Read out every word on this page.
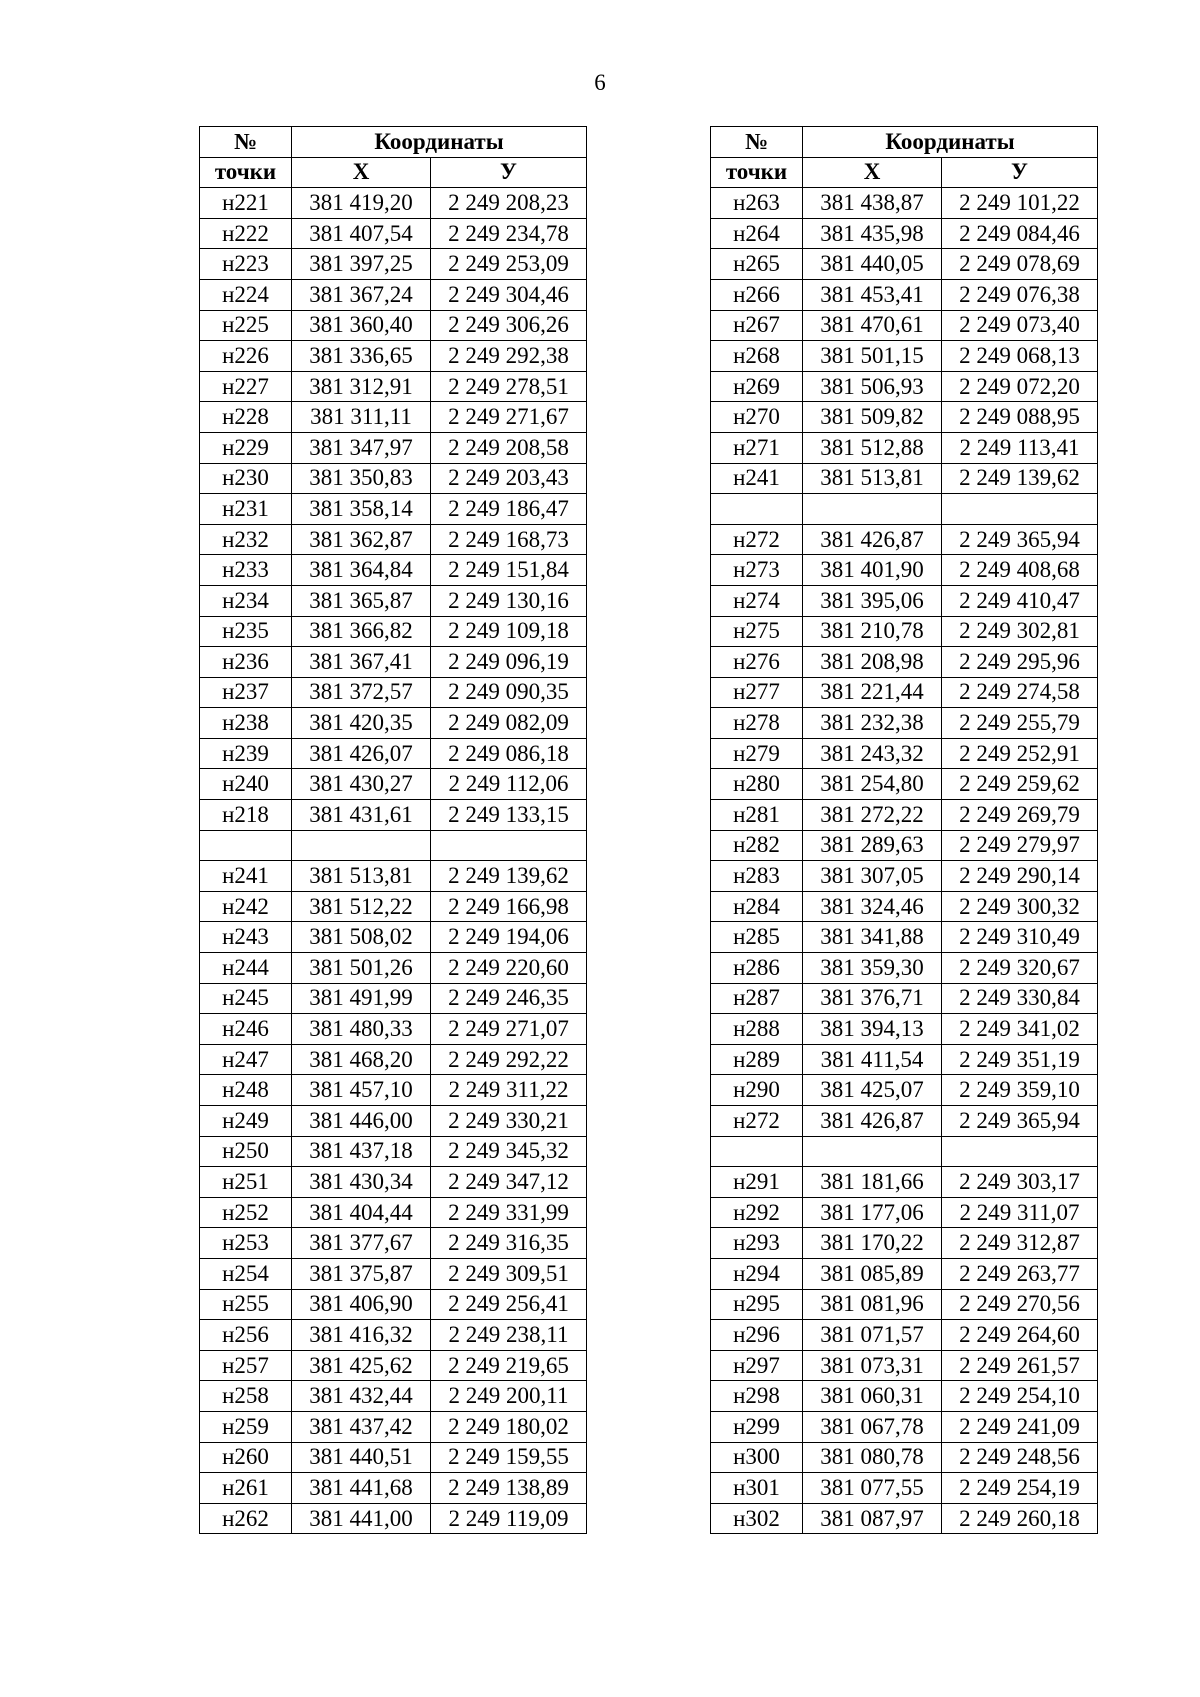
6
№	Координаты	
точки	Х	У
н221	381 419,20	2 249 208,23
н222	381 407,54	2 249 234,78
н223	381 397,25	2 249 253,09
н224	381 367,24	2 249 304,46
н225	381 360,40	2 249 306,26
н226	381 336,65	2 249 292,38
н227	381 312,91	2 249 278,51
н228	381 311,11	2 249 271,67
н229	381 347,97	2 249 208,58
н230	381 350,83	2 249 203,43
н231	381 358,14	2 249 186,47
н232	381 362,87	2 249 168,73
н233	381 364,84	2 249 151,84
н234	381 365,87	2 249 130,16
н235	381 366,82	2 249 109,18
н236	381 367,41	2 249 096,19
н237	381 372,57	2 249 090,35
н238	381 420,35	2 249 082,09
н239	381 426,07	2 249 086,18
н240	381 430,27	2 249 112,06
н218	381 431,61	2 249 133,15

н241	381 513,81	2 249 139,62
н242	381 512,22	2 249 166,98
н243	381 508,02	2 249 194,06
н244	381 501,26	2 249 220,60
н245	381 491,99	2 249 246,35
н246	381 480,33	2 249 271,07
н247	381 468,20	2 249 292,22
н248	381 457,10	2 249 311,22
н249	381 446,00	2 249 330,21
н250	381 437,18	2 249 345,32
н251	381 430,34	2 249 347,12
н252	381 404,44	2 249 331,99
н253	381 377,67	2 249 316,35
н254	381 375,87	2 249 309,51
н255	381 406,90	2 249 256,41
н256	381 416,32	2 249 238,11
н257	381 425,62	2 249 219,65
н258	381 432,44	2 249 200,11
н259	381 437,42	2 249 180,02
н260	381 440,51	2 249 159,55
н261	381 441,68	2 249 138,89
н262	381 441,00	2 249 119,09
№	Координаты	
точки	Х	У
н263	381 438,87	2 249 101,22
н264	381 435,98	2 249 084,46
н265	381 440,05	2 249 078,69
н266	381 453,41	2 249 076,38
н267	381 470,61	2 249 073,40
н268	381 501,15	2 249 068,13
н269	381 506,93	2 249 072,20
н270	381 509,82	2 249 088,95
н271	381 512,88	2 249 113,41
н241	381 513,81	2 249 139,62

н272	381 426,87	2 249 365,94
н273	381 401,90	2 249 408,68
н274	381 395,06	2 249 410,47
н275	381 210,78	2 249 302,81
н276	381 208,98	2 249 295,96
н277	381 221,44	2 249 274,58
н278	381 232,38	2 249 255,79
н279	381 243,32	2 249 252,91
н280	381 254,80	2 249 259,62
н281	381 272,22	2 249 269,79
н282	381 289,63	2 249 279,97
н283	381 307,05	2 249 290,14
н284	381 324,46	2 249 300,32
н285	381 341,88	2 249 310,49
н286	381 359,30	2 249 320,67
н287	381 376,71	2 249 330,84
н288	381 394,13	2 249 341,02
н289	381 411,54	2 249 351,19
н290	381 425,07	2 249 359,10
н272	381 426,87	2 249 365,94

н291	381 181,66	2 249 303,17
н292	381 177,06	2 249 311,07
н293	381 170,22	2 249 312,87
н294	381 085,89	2 249 263,77
н295	381 081,96	2 249 270,56
н296	381 071,57	2 249 264,60
н297	381 073,31	2 249 261,57
н298	381 060,31	2 249 254,10
н299	381 067,78	2 249 241,09
н300	381 080,78	2 249 248,56
н301	381 077,55	2 249 254,19
н302	381 087,97	2 249 260,18
